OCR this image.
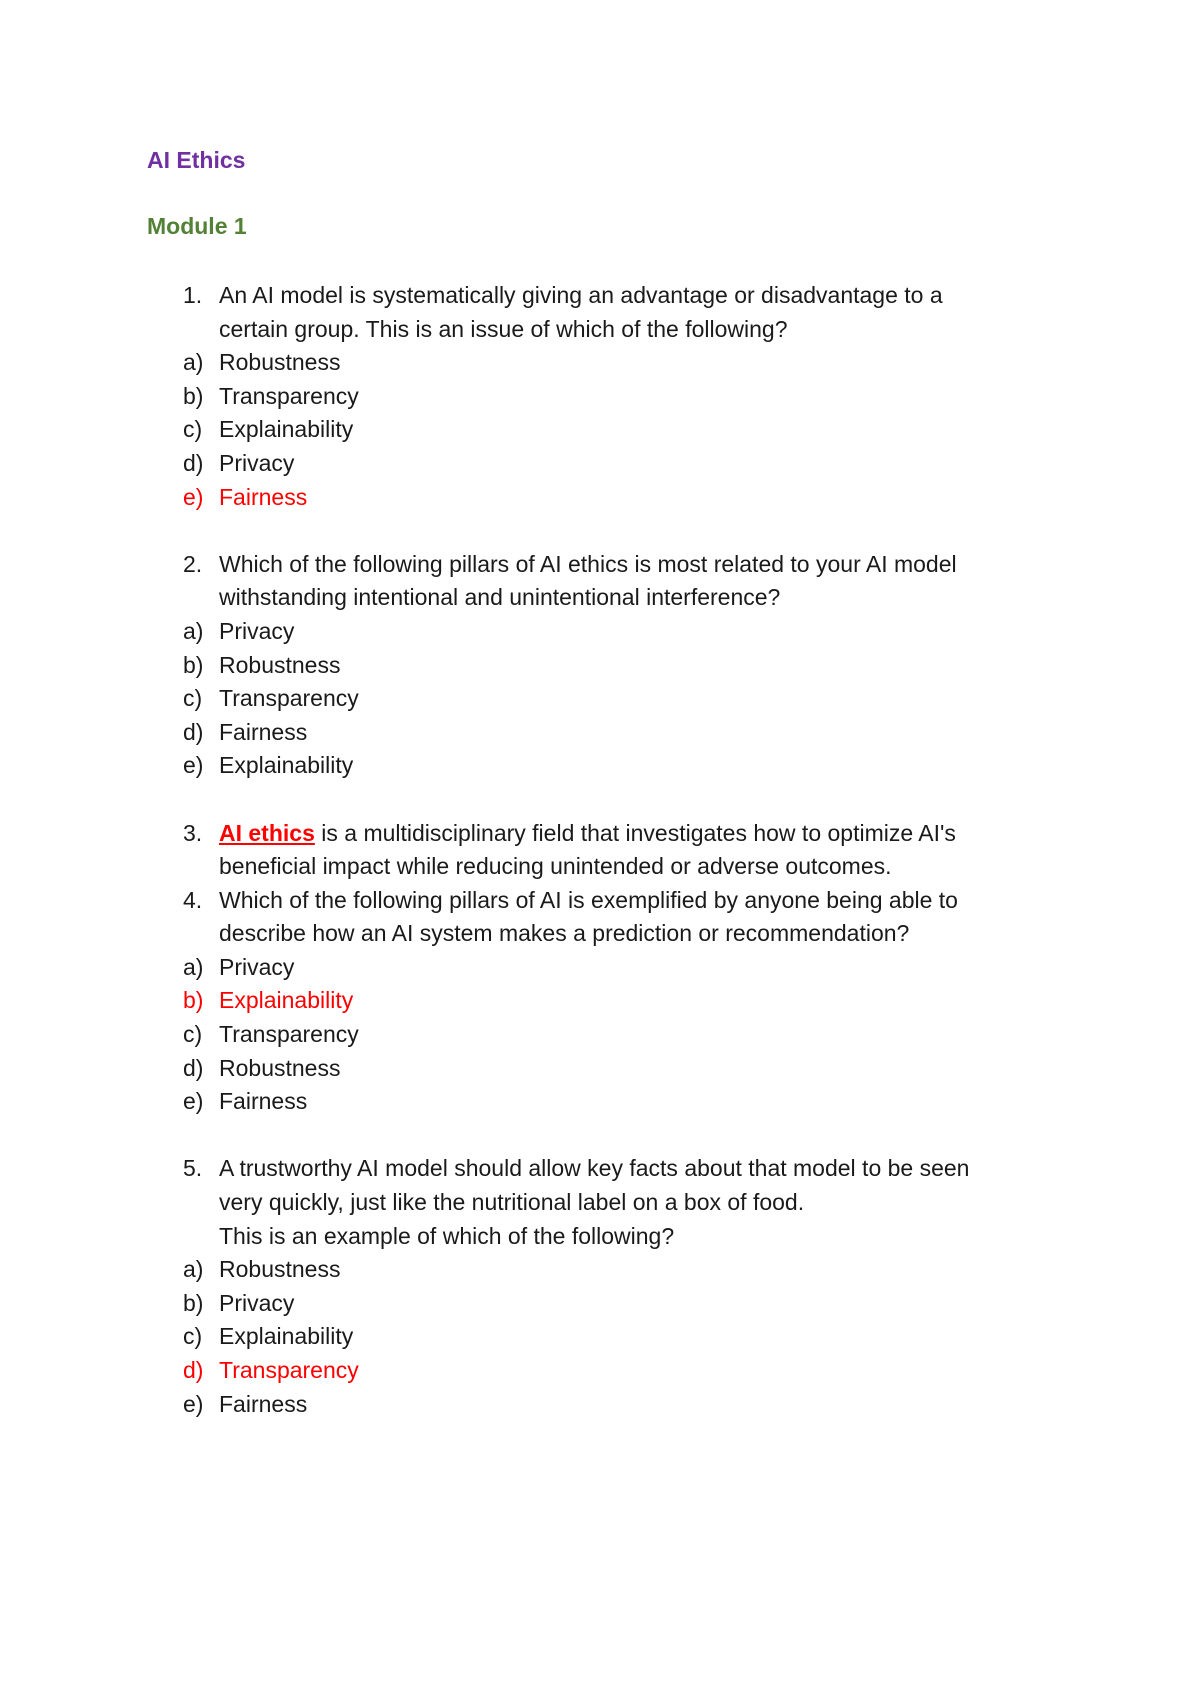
AI Ethics
Module 1
1. An AI model is systematically giving an advantage or disadvantage to a
certain group. This is an issue of which of the following?
a) Robustness
b) Transparency
c) Explainability
d) Privacy
e) Fairness
2. Which of the following pillars of AI ethics is most related to your AI model
withstanding intentional and unintentional interference?
a) Privacy
b) Robustness
c) Transparency
d) Fairness
e) Explainability
3. AI ethics is a multidisciplinary field that investigates how to optimize AI's
beneficial impact while reducing unintended or adverse outcomes.
4. Which of the following pillars of AI is exemplified by anyone being able to
describe how an AI system makes a prediction or recommendation?
a) Privacy
b) Explainability
c) Transparency
d) Robustness
e) Fairness
5. A trustworthy AI model should allow key facts about that model to be seen
very quickly, just like the nutritional label on a box of food.
This is an example of which of the following?
a) Robustness
b) Privacy
c) Explainability
d) Transparency
e) Fairness
